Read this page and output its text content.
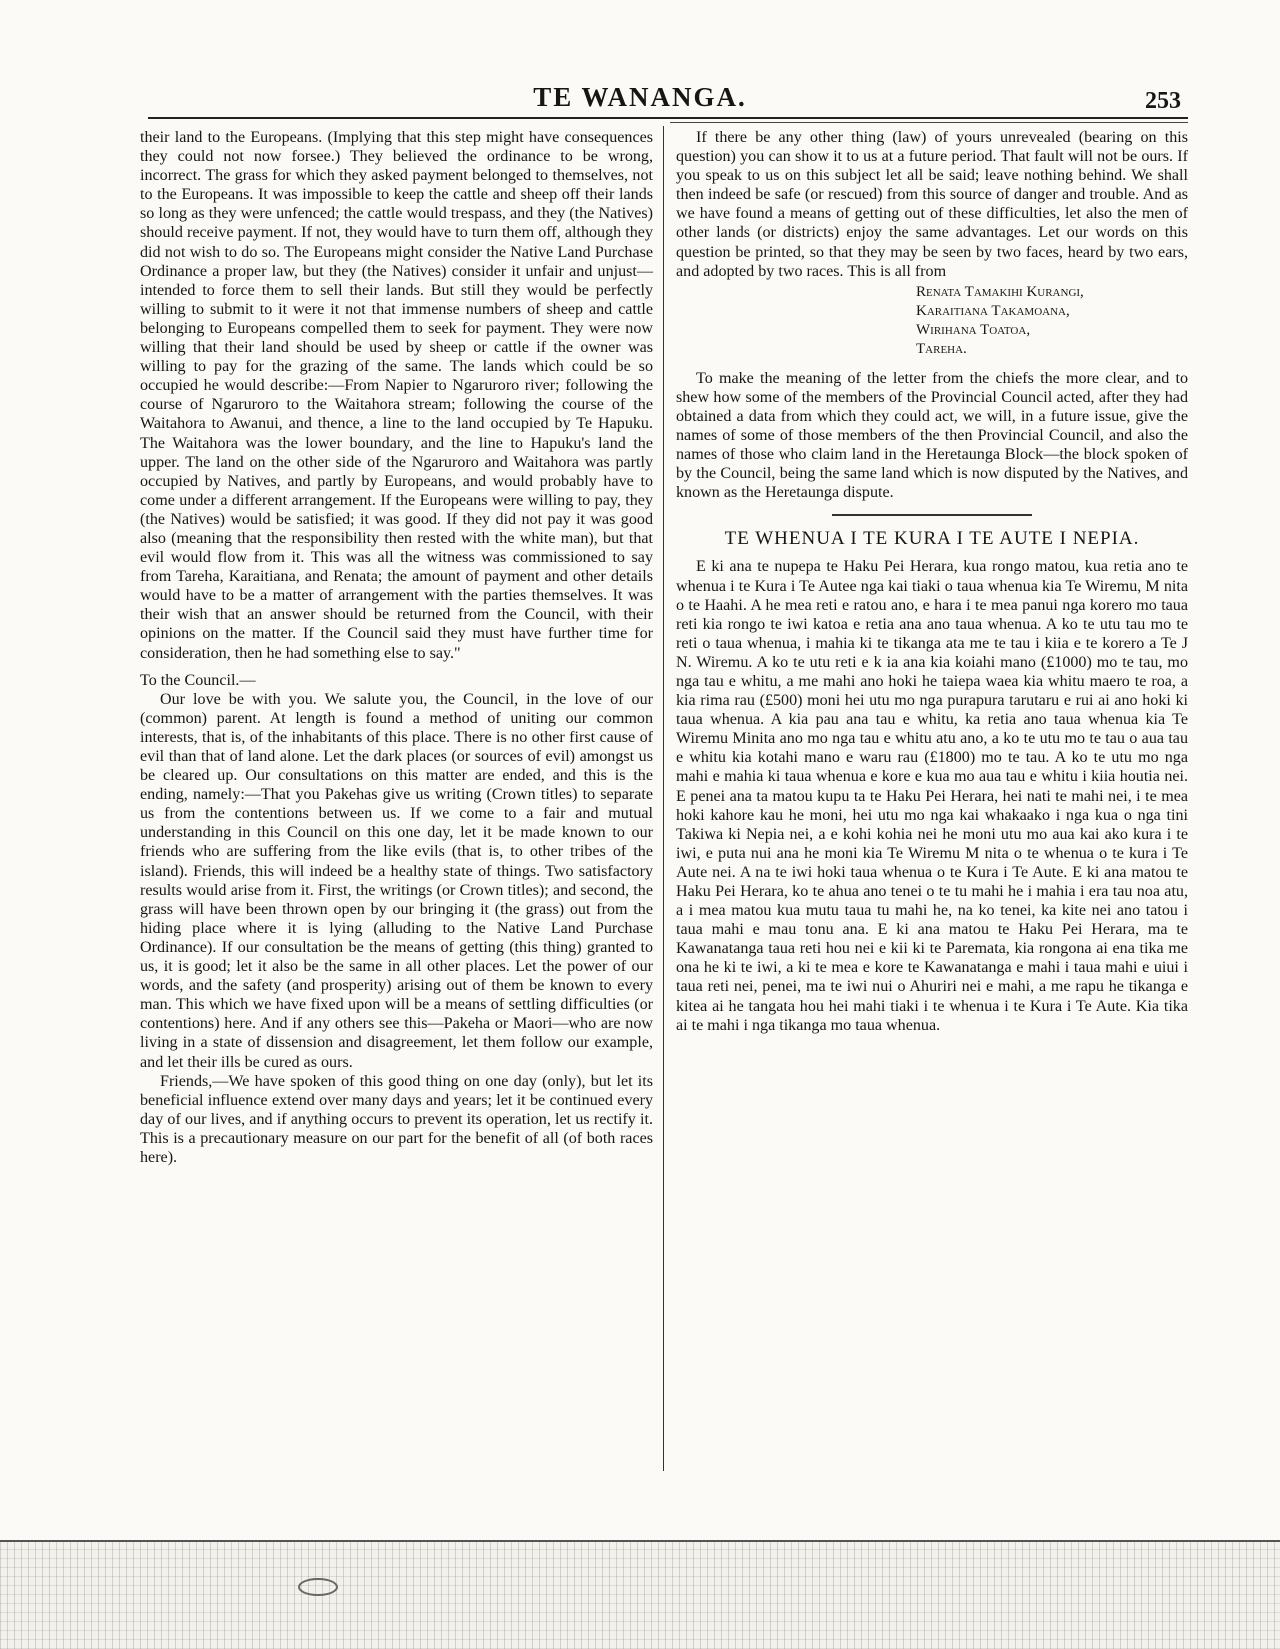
TE WANANGA.	253

their land to the Europeans. (Implying that this step might have consequences they could not now forsee.) They believed the ordinance to be wrong, incorrect. The grass for which they asked payment belonged to themselves, not to the Europeans. It was impossible to keep the cattle and sheep off their lands so long as they were unfenced; the cattle would trespass, and they (the Natives) should receive payment. If not, they would have to turn them off, although they did not wish to do so. The Europeans might consider the Native Land Purchase Ordinance a proper law, but they (the Natives) consider it unfair and unjust—intended to force them to sell their lands. But still they would be perfectly willing to submit to it were it not that immense numbers of sheep and cattle belonging to Europeans compelled them to seek for payment. They were now willing that their land should be used by sheep or cattle if the owner was willing to pay for the grazing of the same. The lands which could be so occupied he would describe:—From Napier to Ngaruroro river; following the course of Ngaruroro to the Waitahora stream; following the course of the Waitahora to Awanui, and thence, a line to the land occupied by Te Hapuku. The Waitahora was the lower boundary, and the line to Hapuku's land the upper. The land on the other side of the Ngaruroro and Waitahora was partly occupied by Natives, and partly by Europeans, and would probably have to come under a different arrangement. If the Europeans were willing to pay, they (the Natives) would be satisfied; it was good. If they did not pay it was good also (meaning that the responsibility then rested with the white man), but that evil would flow from it. This was all the witness was commissioned to say from Tareha, Karaitiana, and Renata; the amount of payment and other details would have to be a matter of arrangement with the parties themselves. It was their wish that an answer should be returned from the Council, with their opinions on the matter. If the Council said they must have further time for consideration, then he had something else to say."

To the Council.—

Our love be with you. We salute you, the Council, in the love of our (common) parent. At length is found a method of uniting our common interests, that is, of the inhabitants of this place. There is no other first cause of evil than that of land alone. Let the dark places (or sources of evil) amongst us be cleared up. Our consultations on this matter are ended, and this is the ending, namely:—That you Pakehas give us writing (Crown titles) to separate us from the contentions between us. If we come to a fair and mutual understanding in this Council on this one day, let it be made known to our friends who are suffering from the like evils (that is, to other tribes of the island). Friends, this will indeed be a healthy state of things. Two satisfactory results would arise from it. First, the writings (or Crown titles); and second, the grass will have been thrown open by our bringing it (the grass) out from the hiding place where it is lying (alluding to the Native Land Purchase Ordinance). If our consultation be the means of getting (this thing) granted to us, it is good; let it also be the same in all other places. Let the power of our words, and the safety (and prosperity) arising out of them be known to every man. This which we have fixed upon will be a means of settling difficulties (or contentions) here. And if any others see this—Pakeha or Maori—who are now living in a state of dissension and disagreement, let them follow our example, and let their ills be cured as ours.

Friends,—We have spoken of this good thing on one day (only), but let its beneficial influence extend over many days and years; let it be continued every day of our lives, and if anything occurs to prevent its operation, let us rectify it. This is a precautionary measure on our part for the benefit of all (of both races here).

If there be any other thing (law) of yours unrevealed (bearing on this question) you can show it to us at a future period. That fault will not be ours. If you speak to us on this subject let all be said; leave nothing behind. We shall then indeed be safe (or rescued) from this source of danger and trouble. And as we have found a means of getting out of these difficulties, let also the men of other lands (or districts) enjoy the same advantages. Let our words on this question be printed, so that they may be seen by two faces, heard by two ears, and adopted by two races. This is all from

Renata Tamakihi Kurangi,
Karaitiana Takamoana,
Wirihana Toatoa,
Tareha.

To make the meaning of the letter from the chiefs the more clear, and to shew how some of the members of the Provincial Council acted, after they had obtained a data from which they could act, we will, in a future issue, give the names of some of those members of the then Provincial Council, and also the names of those who claim land in the Heretaunga Block—the block spoken of by the Council, being the same land which is now disputed by the Natives, and known as the Heretaunga dispute.

TE WHENUA I TE KURA I TE AUTE I NEPIA.

E ki ana te nupepa te Haku Pei Herara, kua rongo matou, kua retia ano te whenua i te Kura i Te Autee nga kai tiaki o taua whenua kia Te Wiremu, M nita o te Haahi. A he mea reti e ratou ano, e hara i te mea panui nga korero mo taua reti kia rongo te iwi katoa e retia ana ano taua whenua. A ko te utu tau mo te reti o taua whenua, i mahia ki te tikanga ata me te tau i kiia e te korero a Te J N. Wiremu. A ko te utu reti e k ia ana kia koiahi mano (£1000) mo te tau, mo nga tau e whitu, a me mahi ano hoki he taiepa waea kia whitu maero te roa, a kia rima rau (£500) moni hei utu mo nga purapura tarutaru e rui ai ano hoki ki taua whenua. A kia pau ana tau e whitu, ka retia ano taua whenua kia Te Wiremu Minita ano mo nga tau e whitu atu ano, a ko te utu mo te tau o aua tau e whitu kia kotahi mano e waru rau (£1800) mo te tau. A ko te utu mo nga mahi e mahia ki taua whenua e kore e kua mo aua tau e whitu i kiia houtia nei. E penei ana ta matou kupu ta te Haku Pei Herara, hei nati te mahi nei, i te mea hoki kahore kau he moni, hei utu mo nga kai whakaako i nga kua o nga tini Takiwa ki Nepia nei, a e kohi kohia nei he moni utu mo aua kai ako kura i te iwi, e puta nui ana he moni kia Te Wiremu M nita o te whenua o te kura i Te Aute nei. A na te iwi hoki taua whenua o te Kura i Te Aute. E ki ana matou te Haku Pei Herara, ko te ahua ano tenei o te tu mahi he i mahia i era tau noa atu, a i mea matou kua mutu taua tu mahi he, na ko tenei, ka kite nei ano tatou i taua mahi e mau tonu ana. E ki ana matou te Haku Pei Herara, ma te Kawanatanga taua reti hou nei e kii ki te Paremata, kia rongona ai ena tika me ona he ki te iwi, a ki te mea e kore te Kawanatanga e mahi i taua mahi e uiui i taua reti nei, penei, ma te iwi nui o Ahuriri nei e mahi, a me rapu he tikanga e kitea ai he tangata hou hei mahi tiaki i te whenua i te Kura i Te Aute. Kia tika ai te mahi i nga tikanga mo taua whenua.
